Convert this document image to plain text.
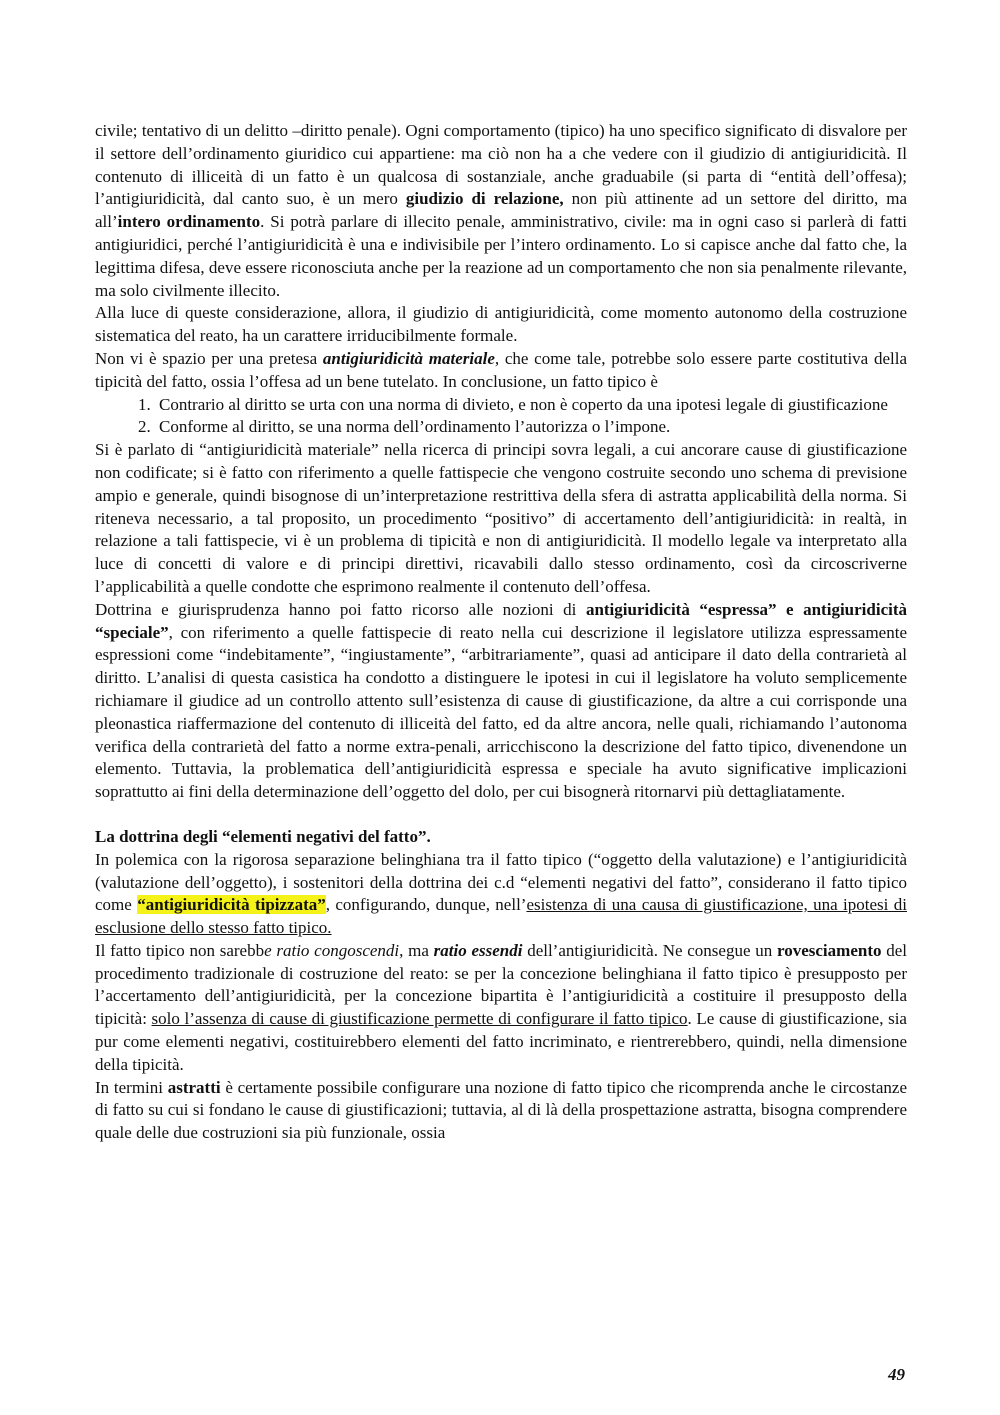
civile; tentativo di un delitto –diritto penale). Ogni comportamento (tipico) ha uno specifico significato di disvalore per il settore dell’ordinamento giuridico cui appartiene: ma ciò non ha a che vedere con il giudizio di antigiuridicità. Il contenuto di illiceità di un fatto è un qualcosa di sostanziale, anche graduabile (si parta di “entità dell’offesa); l’antigiuridicità, dal canto suo, è un mero giudizio di relazione, non più attinente ad un settore del diritto, ma all’intero ordinamento. Si potrà parlare di illecito penale, amministrativo, civile: ma in ogni caso si parlerà di fatti antigiuridici, perché l’antigiuridicità è una e indivisibile per l’intero ordinamento. Lo si capisce anche dal fatto che, la legittima difesa, deve essere riconosciuta anche per la reazione ad un comportamento che non sia penalmente rilevante, ma solo civilmente illecito.

Alla luce di queste considerazione, allora, il giudizio di antigiuridicità, come momento autonomo della costruzione sistematica del reato, ha un carattere irriducibilmente formale.

Non vi è spazio per una pretesa antigiuridicità materiale, che come tale, potrebbe solo essere parte costitutiva della tipicità del fatto, ossia l’offesa ad un bene tutelato. In conclusione, un fatto tipico è

1. Contrario al diritto se urta con una norma di divieto, e non è coperto da una ipotesi legale di giustificazione
2. Conforme al diritto, se una norma dell’ordinamento l’autorizza o l’impone.

Si è parlato di “antigiuridicità materiale” nella ricerca di principi sovra legali, a cui ancorare cause di giustificazione non codificate; si è fatto con riferimento a quelle fattispecie che vengono costruite secondo uno schema di previsione ampio e generale, quindi bisognose di un’interpretazione restrittiva della sfera di astratta applicabilità della norma. Si riteneva necessario, a tal proposito, un procedimento “positivo” di accertamento dell’antigiuridicità: in realtà, in relazione a tali fattispecie, vi è un problema di tipicità e non di antigiuridicità. Il modello legale va interpretato alla luce di concetti di valore e di principi direttivi, ricavabili dallo stesso ordinamento, così da circoscriverne l’applicabilità a quelle condotte che esprimono realmente il contenuto dell’offesa.

Dottrina e giurisprudenza hanno poi fatto ricorso alle nozioni di antigiuridicità “espressa” e antigiuridicità “speciale”, con riferimento a quelle fattispecie di reato nella cui descrizione il legislatore utilizza espressamente espressioni come “indebitamente”, “ingiustamente”, “arbitrariamente”, quasi ad anticipare il dato della contrarietà al diritto. L’analisi di questa casistica ha condotto a distinguere le ipotesi in cui il legislatore ha voluto semplicemente richiamare il giudice ad un controllo attento sull’esistenza di cause di giustificazione, da altre a cui corrisponde una pleonastica riaffermazione del contenuto di illiceità del fatto, ed da altre ancora, nelle quali, richiamando l’autonoma verifica della contrarietà del fatto a norme extra-penali, arricchiscono la descrizione del fatto tipico, divenendone un elemento. Tuttavia, la problematica dell’antigiuridicità espressa e speciale ha avuto significative implicazioni soprattutto ai fini della determinazione dell’oggetto del dolo, per cui bisognerà ritornarvi più dettagliatamente.

La dottrina degli “elementi negativi del fatto”.

In polemica con la rigorosa separazione belinghiana tra il fatto tipico (“oggetto della valutazione) e l’antigiuridicità (valutazione dell’oggetto), i sostenitori della dottrina dei c.d “elementi negativi del fatto”, considerano il fatto tipico come “antigiuridicità tipizzata”, configurando, dunque, nell’esistenza di una causa di giustificazione, una ipotesi di esclusione dello stesso fatto tipico.

Il fatto tipico non sarebbe ratio congoscendi, ma ratio essendi dell’antigiuridicità. Ne consegue un rovesciamento del procedimento tradizionale di costruzione del reato: se per la concezione belinghiana il fatto tipico è presupposto per l’accertamento dell’antigiuridicità, per la concezione bipartita è l’antigiuridicità a costituire il presupposto della tipicità: solo l’assenza di cause di giustificazione permette di configurare il fatto tipico. Le cause di giustificazione, sia pur come elementi negativi, costituirebbero elementi del fatto incriminato, e rientrerebbero, quindi, nella dimensione della tipicità.

In termini astratti è certamente possibile configurare una nozione di fatto tipico che ricomprenda anche le circostanze di fatto su cui si fondano le cause di giustificazioni; tuttavia, al di là della prospettazione astratta, bisogna comprendere quale delle due costruzioni sia più funzionale, ossia

49
